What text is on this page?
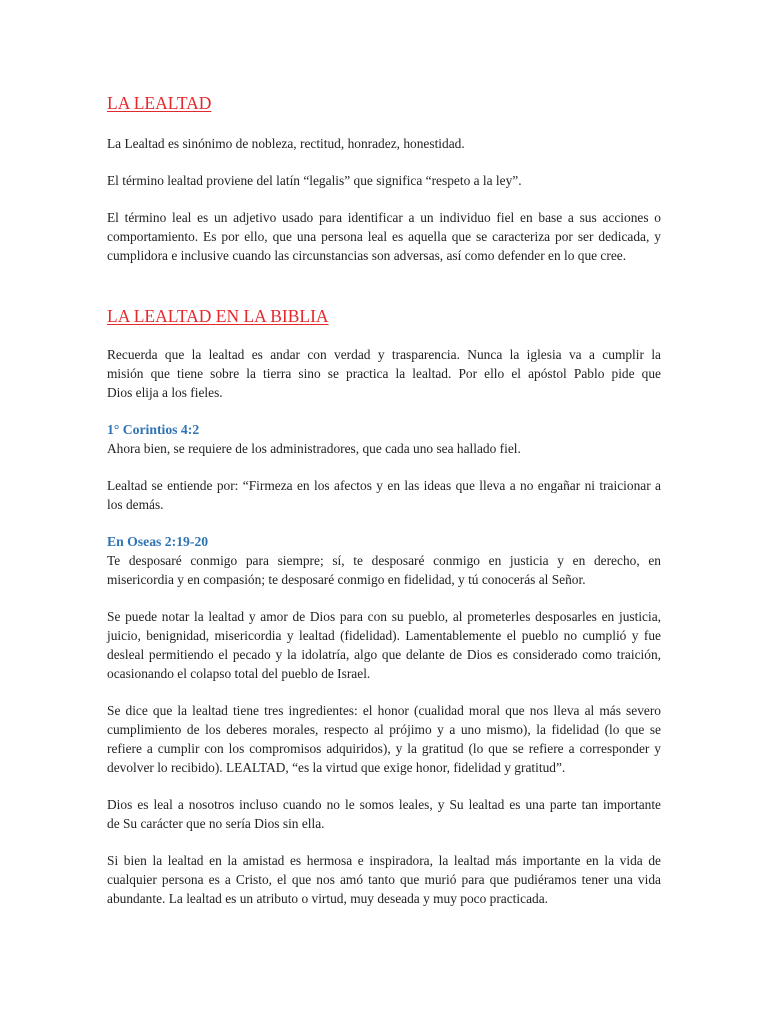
LA LEALTAD
La Lealtad es sinónimo de nobleza, rectitud, honradez, honestidad.
El término lealtad proviene del latín “legalis” que significa “respeto a la ley”.
El término leal es un adjetivo usado para identificar a un individuo fiel en base a sus acciones o
comportamiento. Es por ello, que una persona leal es aquella que se caracteriza por ser dedicada, y
cumplidora e inclusive cuando las circunstancias son adversas, así como defender en lo que cree.
LA LEALTAD EN LA BIBLIA
Recuerda que la lealtad es andar con verdad y trasparencia. Nunca la iglesia va a cumplir la
misión que tiene sobre la tierra sino se practica la lealtad. Por ello el apóstol Pablo pide que
Dios elija a los fieles.
1° Corintios 4:2
Ahora bien, se requiere de los administradores, que cada uno sea hallado fiel.
Lealtad se entiende por: “Firmeza en los afectos y en las ideas que lleva a no engañar ni traicionar a
los demás.
En Oseas 2:19-20
Te desposaré conmigo para siempre; sí, te desposaré conmigo en justicia y en derecho, en
misericordia y en compasión; te desposaré conmigo en fidelidad, y tú conocerás al Señor.
Se puede notar la lealtad y amor de Dios para con su pueblo, al prometerles desposarles en justicia,
juicio, benignidad, misericordia y lealtad (fidelidad). Lamentablemente el pueblo no cumplió y fue
desleal permitiendo el pecado y la idolatría, algo que delante de Dios es considerado como traición,
ocasionando el colapso total del pueblo de Israel.
Se dice que la lealtad tiene tres ingredientes: el honor (cualidad moral que nos lleva al más severo
cumplimiento de los deberes morales, respecto al prójimo y a uno mismo), la fidelidad (lo que se
refiere a cumplir con los compromisos adquiridos), y la gratitud (lo que se refiere a corresponder y
devolver lo recibido). LEALTAD, “es la virtud que exige honor, fidelidad y gratitud”.
Dios es leal a nosotros incluso cuando no le somos leales, y Su lealtad es una parte tan importante
de Su carácter que no sería Dios sin ella.
Si bien la lealtad en la amistad es hermosa e inspiradora, la lealtad más importante en la vida de
cualquier persona es a Cristo, el que nos amó tanto que murió para que pudiéramos tener una vida
abundante. La lealtad es un atributo o virtud, muy deseada y muy poco practicada.
